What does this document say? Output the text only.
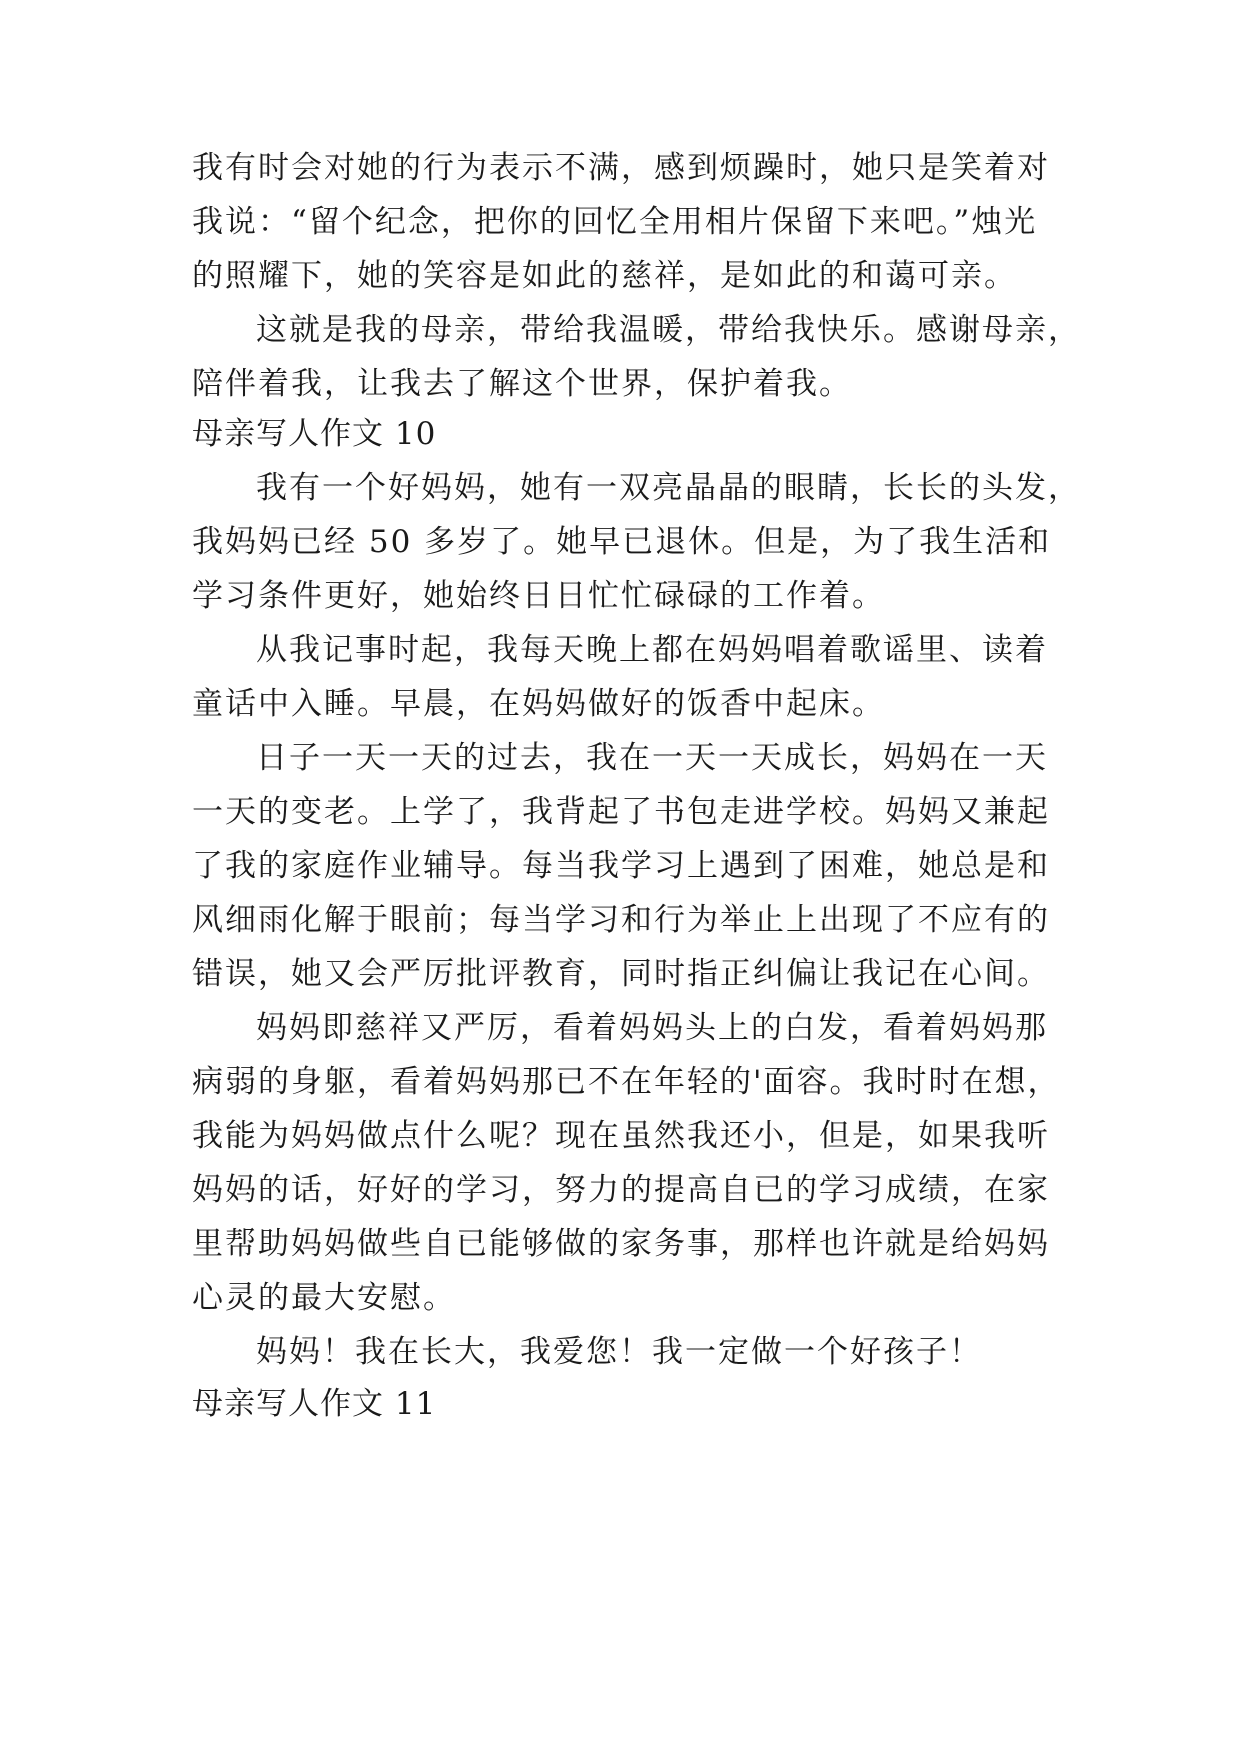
我有时会对她的行为表示不满，感到烦躁时，她只是笑着对
我说：“留个纪念，把你的回忆全用相片保留下来吧。”烛光
的照耀下，她的笑容是如此的慈祥，是如此的和蔼可亲。
这就是我的母亲，带给我温暖，带给我快乐。感谢母亲，
陪伴着我，让我去了解这个世界，保护着我。
母亲写人作文 10
我有一个好妈妈，她有一双亮晶晶的眼睛，长长的头发，
我妈妈已经 50 多岁了。她早已退休。但是，为了我生活和
学习条件更好，她始终日日忙忙碌碌的工作着。
从我记事时起，我每天晚上都在妈妈唱着歌谣里、读着
童话中入睡。早晨，在妈妈做好的饭香中起床。
日子一天一天的过去，我在一天一天成长，妈妈在一天
一天的变老。上学了，我背起了书包走进学校。妈妈又兼起
了我的家庭作业辅导。每当我学习上遇到了困难，她总是和
风细雨化解于眼前；每当学习和行为举止上出现了不应有的
错误，她又会严厉批评教育，同时指正纠偏让我记在心间。
妈妈即慈祥又严厉，看着妈妈头上的白发，看着妈妈那
病弱的身躯，看着妈妈那已不在年轻的'面容。我时时在想，
我能为妈妈做点什么呢？现在虽然我还小，但是，如果我听
妈妈的话，好好的学习，努力的提高自已的学习成绩，在家
里帮助妈妈做些自已能够做的家务事，那样也许就是给妈妈
心灵的最大安慰。
妈妈！我在长大，我爱您！我一定做一个好孩子！
母亲写人作文 11
